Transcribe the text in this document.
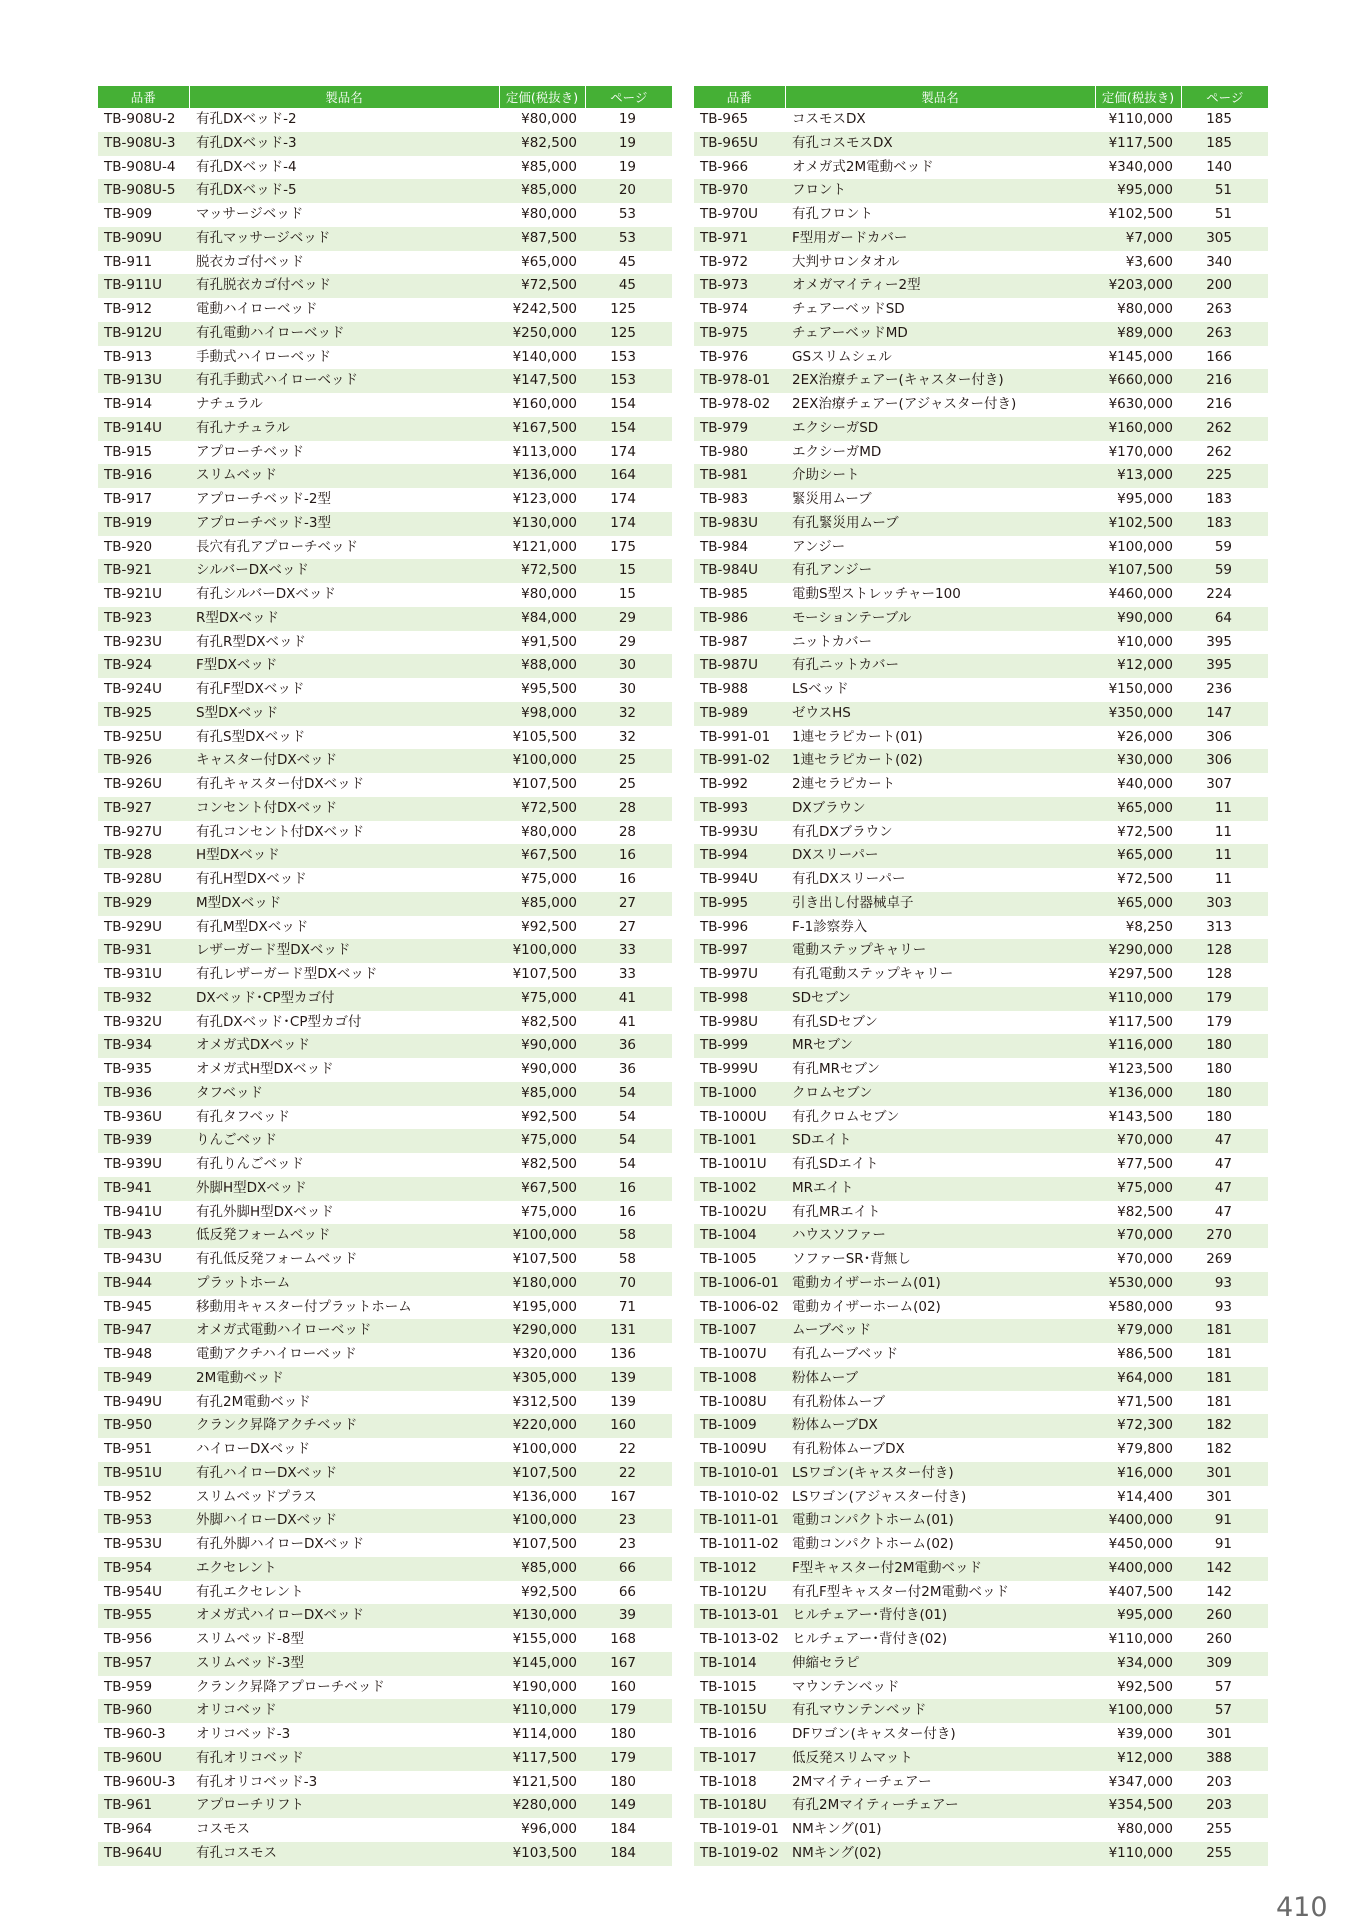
品番	製品名	定価(税抜き)	ページ
TB-908U-2	有孔DXベッド-2	¥80,000	19
TB-908U-3	有孔DXベッド-3	¥82,500	19
TB-908U-4	有孔DXベッド-4	¥85,000	19
TB-908U-5	有孔DXベッド-5	¥85,000	20
TB-909	マッサージベッド	¥80,000	53
TB-909U	有孔マッサージベッド	¥87,500	53
TB-911	脱衣カゴ付ベッド	¥65,000	45
TB-911U	有孔脱衣カゴ付ベッド	¥72,500	45
TB-912	電動ハイローベッド	¥242,500	125
TB-912U	有孔電動ハイローベッド	¥250,000	125
TB-913	手動式ハイローベッド	¥140,000	153
TB-913U	有孔手動式ハイローベッド	¥147,500	153
TB-914	ナチュラル	¥160,000	154
TB-914U	有孔ナチュラル	¥167,500	154
TB-915	アプローチベッド	¥113,000	174
TB-916	スリムベッド	¥136,000	164
TB-917	アプローチベッド-2型	¥123,000	174
TB-919	アプローチベッド-3型	¥130,000	174
TB-920	長穴有孔アプローチベッド	¥121,000	175
TB-921	シルバーDXベッド	¥72,500	15
TB-921U	有孔シルバーDXベッド	¥80,000	15
TB-923	R型DXベッド	¥84,000	29
TB-923U	有孔R型DXベッド	¥91,500	29
TB-924	F型DXベッド	¥88,000	30
TB-924U	有孔F型DXベッド	¥95,500	30
TB-925	S型DXベッド	¥98,000	32
TB-925U	有孔S型DXベッド	¥105,500	32
TB-926	キャスター付DXベッド	¥100,000	25
TB-926U	有孔キャスター付DXベッド	¥107,500	25
TB-927	コンセント付DXベッド	¥72,500	28
TB-927U	有孔コンセント付DXベッド	¥80,000	28
TB-928	H型DXベッド	¥67,500	16
TB-928U	有孔H型DXベッド	¥75,000	16
TB-929	M型DXベッド	¥85,000	27
TB-929U	有孔M型DXベッド	¥92,500	27
TB-931	レザーガード型DXベッド	¥100,000	33
TB-931U	有孔レザーガード型DXベッド	¥107,500	33
TB-932	DXベッド･CP型カゴ付	¥75,000	41
TB-932U	有孔DXベッド･CP型カゴ付	¥82,500	41
TB-934	オメガ式DXベッド	¥90,000	36
TB-935	オメガ式H型DXベッド	¥90,000	36
TB-936	タフベッド	¥85,000	54
TB-936U	有孔タフベッド	¥92,500	54
TB-939	りんごベッド	¥75,000	54
TB-939U	有孔りんごベッド	¥82,500	54
TB-941	外脚H型DXベッド	¥67,500	16
TB-941U	有孔外脚H型DXベッド	¥75,000	16
TB-943	低反発フォームベッド	¥100,000	58
TB-943U	有孔低反発フォームベッド	¥107,500	58
TB-944	プラットホーム	¥180,000	70
TB-945	移動用キャスター付プラットホーム	¥195,000	71
TB-947	オメガ式電動ハイローベッド	¥290,000	131
TB-948	電動アクチハイローベッド	¥320,000	136
TB-949	2M電動ベッド	¥305,000	139
TB-949U	有孔2M電動ベッド	¥312,500	139
TB-950	クランク昇降アクチベッド	¥220,000	160
TB-951	ハイローDXベッド	¥100,000	22
TB-951U	有孔ハイローDXベッド	¥107,500	22
TB-952	スリムベッドプラス	¥136,000	167
TB-953	外脚ハイローDXベッド	¥100,000	23
TB-953U	有孔外脚ハイローDXベッド	¥107,500	23
TB-954	エクセレント	¥85,000	66
TB-954U	有孔エクセレント	¥92,500	66
TB-955	オメガ式ハイローDXベッド	¥130,000	39
TB-956	スリムベッド-8型	¥155,000	168
TB-957	スリムベッド-3型	¥145,000	167
TB-959	クランク昇降アプローチベッド	¥190,000	160
TB-960	オリコベッド	¥110,000	179
TB-960-3	オリコベッド-3	¥114,000	180
TB-960U	有孔オリコベッド	¥117,500	179
TB-960U-3	有孔オリコベッド-3	¥121,500	180
TB-961	アプローチリフト	¥280,000	149
TB-964	コスモス	¥96,000	184
TB-964U	有孔コスモス	¥103,500	184
品番	製品名	定価(税抜き)	ページ
TB-965	コスモスDX	¥110,000	185
TB-965U	有孔コスモスDX	¥117,500	185
TB-966	オメガ式2M電動ベッド	¥340,000	140
TB-970	フロント	¥95,000	51
TB-970U	有孔フロント	¥102,500	51
TB-971	F型用ガードカバー	¥7,000	305
TB-972	大判サロンタオル	¥3,600	340
TB-973	オメガマイティー2型	¥203,000	200
TB-974	チェアーベッドSD	¥80,000	263
TB-975	チェアーベッドMD	¥89,000	263
TB-976	GSスリムシェル	¥145,000	166
TB-978-01	2EX治療チェアー(キャスター付き)	¥660,000	216
TB-978-02	2EX治療チェアー(アジャスター付き)	¥630,000	216
TB-979	エクシーガSD	¥160,000	262
TB-980	エクシーガMD	¥170,000	262
TB-981	介助シート	¥13,000	225
TB-983	緊災用ムーブ	¥95,000	183
TB-983U	有孔緊災用ムーブ	¥102,500	183
TB-984	アンジー	¥100,000	59
TB-984U	有孔アンジー	¥107,500	59
TB-985	電動S型ストレッチャー100	¥460,000	224
TB-986	モーションテーブル	¥90,000	64
TB-987	ニットカバー	¥10,000	395
TB-987U	有孔ニットカバー	¥12,000	395
TB-988	LSベッド	¥150,000	236
TB-989	ゼウスHS	¥350,000	147
TB-991-01	1連セラピカート(01)	¥26,000	306
TB-991-02	1連セラピカート(02)	¥30,000	306
TB-992	2連セラピカート	¥40,000	307
TB-993	DXブラウン	¥65,000	11
TB-993U	有孔DXブラウン	¥72,500	11
TB-994	DXスリーパー	¥65,000	11
TB-994U	有孔DXスリーパー	¥72,500	11
TB-995	引き出し付器械卓子	¥65,000	303
TB-996	F-1診察券入	¥8,250	313
TB-997	電動ステップキャリー	¥290,000	128
TB-997U	有孔電動ステップキャリー	¥297,500	128
TB-998	SDセブン	¥110,000	179
TB-998U	有孔SDセブン	¥117,500	179
TB-999	MRセブン	¥116,000	180
TB-999U	有孔MRセブン	¥123,500	180
TB-1000	クロムセブン	¥136,000	180
TB-1000U	有孔クロムセブン	¥143,500	180
TB-1001	SDエイト	¥70,000	47
TB-1001U	有孔SDエイト	¥77,500	47
TB-1002	MRエイト	¥75,000	47
TB-1002U	有孔MRエイト	¥82,500	47
TB-1004	ハウスソファー	¥70,000	270
TB-1005	ソファーSR･背無し	¥70,000	269
TB-1006-01	電動カイザーホーム(01)	¥530,000	93
TB-1006-02	電動カイザーホーム(02)	¥580,000	93
TB-1007	ムーブベッド	¥79,000	181
TB-1007U	有孔ムーブベッド	¥86,500	181
TB-1008	粉体ムーブ	¥64,000	181
TB-1008U	有孔粉体ムーブ	¥71,500	181
TB-1009	粉体ムーブDX	¥72,300	182
TB-1009U	有孔粉体ムーブDX	¥79,800	182
TB-1010-01	LSワゴン(キャスター付き)	¥16,000	301
TB-1010-02	LSワゴン(アジャスター付き)	¥14,400	301
TB-1011-01	電動コンパクトホーム(01)	¥400,000	91
TB-1011-02	電動コンパクトホーム(02)	¥450,000	91
TB-1012	F型キャスター付2M電動ベッド	¥400,000	142
TB-1012U	有孔F型キャスター付2M電動ベッド	¥407,500	142
TB-1013-01	ヒルチェアー･背付き(01)	¥95,000	260
TB-1013-02	ヒルチェアー･背付き(02)	¥110,000	260
TB-1014	伸縮セラピ	¥34,000	309
TB-1015	マウンテンベッド	¥92,500	57
TB-1015U	有孔マウンテンベッド	¥100,000	57
TB-1016	DFワゴン(キャスター付き)	¥39,000	301
TB-1017	低反発スリムマット	¥12,000	388
TB-1018	2Mマイティーチェアー	¥347,000	203
TB-1018U	有孔2Mマイティーチェアー	¥354,500	203
TB-1019-01	NMキング(01)	¥80,000	255
TB-1019-02	NMキング(02)	¥110,000	255
410
